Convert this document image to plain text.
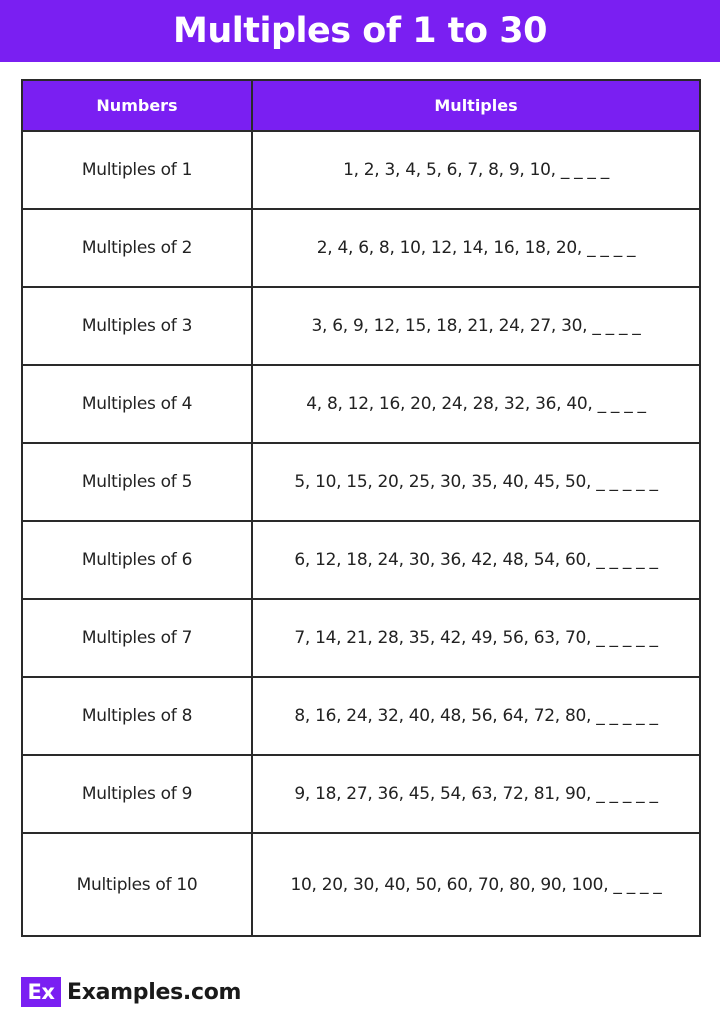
Multiples of 1 to 30
Numbers	Multiples
Multiples of 1	1, 2, 3, 4, 5, 6, 7, 8, 9, 10, _ _ _ _
Multiples of 2	2, 4, 6, 8, 10, 12, 14, 16, 18, 20, _ _ _ _
Multiples of 3	3, 6, 9, 12, 15, 18, 21, 24, 27, 30, _ _ _ _
Multiples of 4	4, 8, 12, 16, 20, 24, 28, 32, 36, 40, _ _ _ _
Multiples of 5	5, 10, 15, 20, 25, 30, 35, 40, 45, 50, _ _ _ _ _
Multiples of 6	6, 12, 18, 24, 30, 36, 42, 48, 54, 60, _ _ _ _ _
Multiples of 7	7, 14, 21, 28, 35, 42, 49, 56, 63, 70, _ _ _ _ _
Multiples of 8	8, 16, 24, 32, 40, 48, 56, 64, 72, 80, _ _ _ _ _
Multiples of 9	9, 18, 27, 36, 45, 54, 63, 72, 81, 90, _ _ _ _ _
Multiples of 10	10, 20, 30, 40, 50, 60, 70, 80, 90, 100, _ _ _ _
Ex Examples.com
